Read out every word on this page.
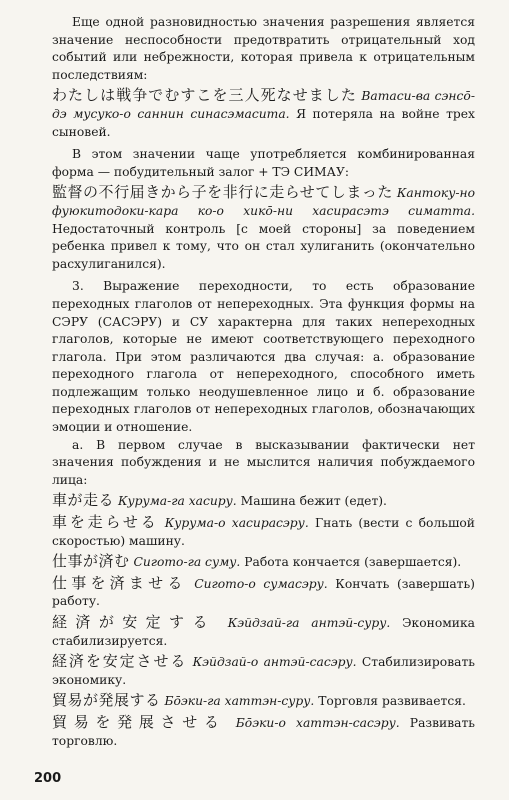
Еще одной разновидностью значения разрешения является значение неспособности предотвратить отрицательный ход событий или небрежности, которая привела к отрицательным последствиям:

わたしは戦争でむすこを三人死なせました Ватаси-ва сэнсō-дэ мусуко-о саннин синасэмасита. Я потеряла на войне трех сыновей.

В этом значении чаще употребляется комбинированная форма — побудительный залог + ТЭ СИМАУ:

監督の不行届きから子を非行に走らせてしまった Кантоку-но фуюкитодоки-кара ко-о хикō-ни хасирасэтэ симатта. Недостаточный контроль [с моей стороны] за поведением ребенка привел к тому, что он стал хулиганить (окончательно расхулиганился).

3. Выражение переходности, то есть образование переходных глаголов от непереходных. Эта функция формы на СЭРУ (САСЭРУ) и СУ характерна для таких непереходных глаголов, которые не имеют соответствующего переходного глагола. При этом различаются два случая: а. образование переходного глагола от непереходного, способного иметь подлежащим только неодушевленное лицо и б. образование переходных глаголов от непереходных глаголов, обозначающих эмоции и отношение.

а. В первом случае в высказывании фактически нет значения побуждения и не мыслится наличия побуждаемого лица:

車が走る Курума-га хасиру. Машина бежит (едет).

車を走らせる Курума-о хасирасэру. Гнать (вести с большой скоростью) машину.

仕事が済む Сигото-га суму. Работа кончается (завершается).

仕事を済ませる Сигото-о сумасэру. Кончать (завершать) работу.

経済が安定する Кэйдзай-га антэй-суру. Экономика стабилизируется.

経済を安定させる Кэйдзай-о антэй-сасэру. Стабилизировать экономику.

貿易が発展する Бōэки-га хаттэн-суру. Торговля развивается.

貿易を発展させる Бōэки-о хаттэн-сасэру. Развивать торговлю.

200
